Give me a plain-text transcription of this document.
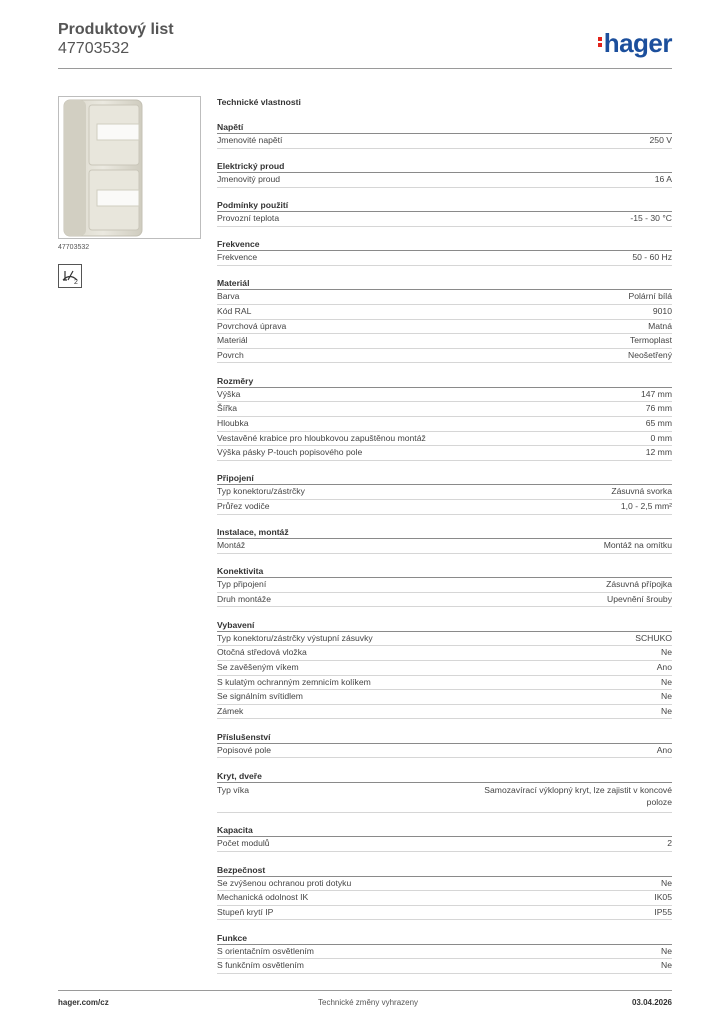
Produktový list
47703532	hager
47703532
2
Technické vlastnosti
Napětí
Jmenovité napětí	250 V
Elektrický proud
Jmenovitý proud	16 A
Podmínky použití
Provozní teplota	-15 - 30 °C
Frekvence
Frekvence	50 - 60 Hz
Materiál
Barva	Polární bílá
Kód RAL	9010
Povrchová úprava	Matná
Materiál	Termoplast
Povrch	Neošetřený
Rozměry
Výška	147 mm
Šířka	76 mm
Hloubka	65 mm
Vestavěné krabice pro hloubkovou zapuštěnou montáž	0 mm
Výška pásky P-touch popisového pole	12 mm
Připojení
Typ konektoru/zástrčky	Zásuvná svorka
Průřez vodiče	1,0 - 2,5 mm²
Instalace, montáž
Montáž	Montáž na omítku
Konektivita
Typ připojení	Zásuvná přípojka
Druh montáže	Upevnění šrouby
Vybavení
Typ konektoru/zástrčky výstupní zásuvky	SCHUKO
Otočná středová vložka	Ne
Se zavěšeným víkem	Ano
S kulatým ochranným zemnicím kolíkem	Ne
Se signálním svítidlem	Ne
Zámek	Ne
Příslušenství
Popisové pole	Ano
Kryt, dveře
Typ víka	Samozavírací výklopný kryt, lze zajistit v koncové poloze
Kapacita
Počet modulů	2
Bezpečnost
Se zvýšenou ochranou proti dotyku	Ne
Mechanická odolnost IK	IK05
Stupeň krytí IP	IP55
Funkce
S orientačním osvětlením	Ne
S funkčním osvětlením	Ne
hager.com/cz	Technické změny vyhrazeny	03.04.2026
